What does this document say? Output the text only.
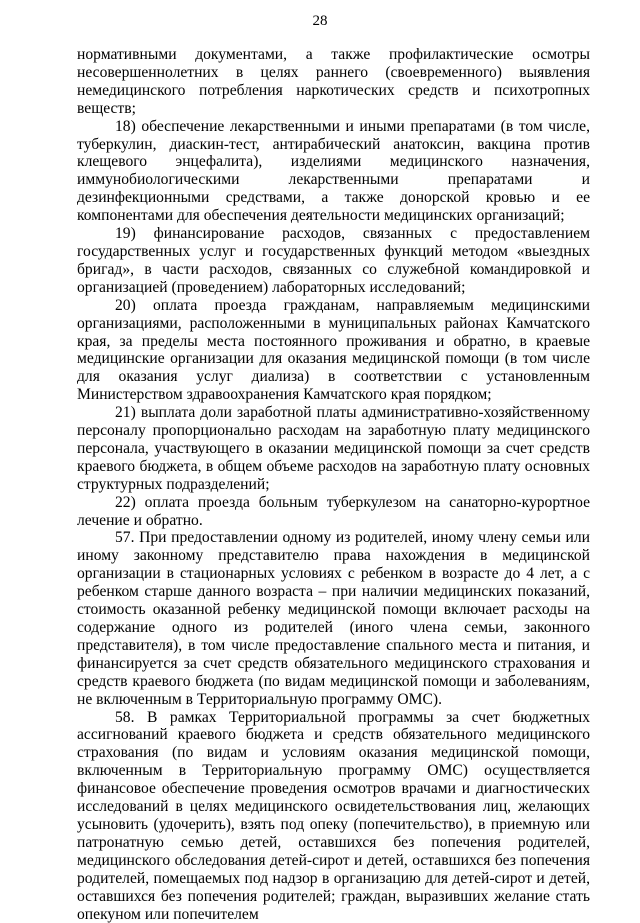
28

нормативными документами, а также профилактические осмотры несовершеннолетних в целях раннего (своевременного) выявления немедицинского потребления наркотических средств и психотропных веществ;

18) обеспечение лекарственными и иными препаратами (в том числе, туберкулин, диаскин-тест, антирабический анатоксин, вакцина против клещевого энцефалита), изделиями медицинского назначения, иммунобиологическими лекарственными препаратами и дезинфекционными средствами, а также донорской кровью и ее компонентами для обеспечения деятельности медицинских организаций;

19) финансирование расходов, связанных с предоставлением государственных услуг и государственных функций методом «выездных бригад», в части расходов, связанных со служебной командировкой и организацией (проведением) лабораторных исследований;

20) оплата проезда гражданам, направляемым медицинскими организациями, расположенными в муниципальных районах Камчатского края, за пределы места постоянного проживания и обратно, в краевые медицинские организации для оказания медицинской помощи (в том числе для оказания услуг диализа) в соответствии с установленным Министерством здравоохранения Камчатского края порядком;

21) выплата доли заработной платы административно-хозяйственному персоналу пропорционально расходам на заработную плату медицинского персонала, участвующего в оказании медицинской помощи за счет средств краевого бюджета, в общем объеме расходов на заработную плату основных структурных подразделений;

22) оплата проезда больным туберкулезом на санаторно-курортное лечение и обратно.

57. При предоставлении одному из родителей, иному члену семьи или иному законному представителю права нахождения в медицинской организации в стационарных условиях с ребенком в возрасте до 4 лет, а с ребенком старше данного возраста – при наличии медицинских показаний, стоимость оказанной ребенку медицинской помощи включает расходы на содержание одного из родителей (иного члена семьи, законного представителя), в том числе предоставление спального места и питания, и финансируется за счет средств обязательного медицинского страхования и средств краевого бюджета (по видам медицинской помощи и заболеваниям, не включенным в Территориальную программу ОМС).

58. В рамках Территориальной программы за счет бюджетных ассигнований краевого бюджета и средств обязательного медицинского страхования (по видам и условиям оказания медицинской помощи, включенным в Территориальную программу ОМС) осуществляется финансовое обеспечение проведения осмотров врачами и диагностических исследований в целях медицинского освидетельствования лиц, желающих усыновить (удочерить), взять под опеку (попечительство), в приемную или патронатную семью детей, оставшихся без попечения родителей, медицинского обследования детей-сирот и детей, оставшихся без попечения родителей, помещаемых под надзор в организацию для детей-сирот и детей, оставшихся без попечения родителей; граждан, выразивших желание стать опекуном или попечителем
